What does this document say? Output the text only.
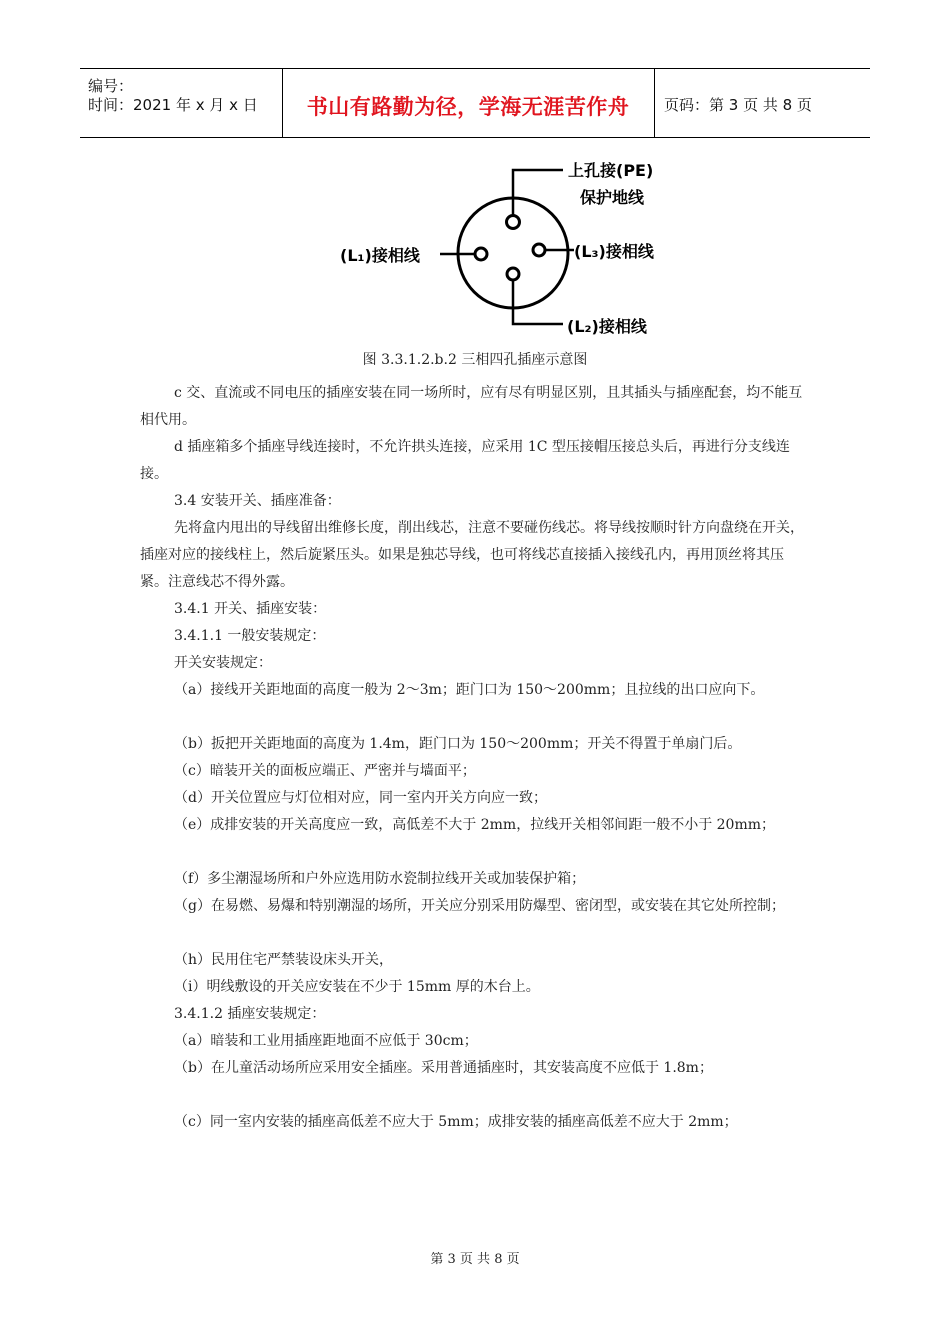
编号：
时间：2021 年 x 月 x 日	书山有路勤为径，学海无涯苦作舟	页码：第 3 页 共 8 页
上孔接(PE)
保护地线
(L₁)接相线	(L₃)接相线
(L₂)接相线
图 3.3.1.2.b.2 三相四孔插座示意图
c 交、直流或不同电压的插座安装在同一场所时，应有尽有明显区别，且其插头与插座配套，均不能互相代用。
d 插座箱多个插座导线连接时，不允许拱头连接，应采用 1C 型压接帽压接总头后，再进行分支线连接。
3.4 安装开关、插座准备：
先将盒内甩出的导线留出维修长度，削出线芯，注意不要碰伤线芯。将导线按顺时针方向盘绕在开关，插座对应的接线柱上，然后旋紧压头。如果是独芯导线，也可将线芯直接插入接线孔内，再用顶丝将其压紧。注意线芯不得外露。
3.4.1 开关、插座安装：
3.4.1.1 一般安装规定：
开关安装规定：
（a）接线开关距地面的高度一般为 2～3m；距门口为 150～200mm；且拉线的出口应向下。
（b）扳把开关距地面的高度为 1.4m，距门口为 150～200mm；开关不得置于单扇门后。
（c）暗装开关的面板应端正、严密并与墙面平；
（d）开关位置应与灯位相对应，同一室内开关方向应一致；
（e）成排安装的开关高度应一致，高低差不大于 2mm，拉线开关相邻间距一般不小于 20mm；
（f）多尘潮湿场所和户外应选用防水瓷制拉线开关或加装保护箱；
（g）在易燃、易爆和特别潮湿的场所，开关应分别采用防爆型、密闭型，或安装在其它处所控制；
（h）民用住宅严禁装设床头开关，
（i）明线敷设的开关应安装在不少于 15mm 厚的木台上。
3.4.1.2 插座安装规定：
（a）暗装和工业用插座距地面不应低于 30cm；
（b）在儿童活动场所应采用安全插座。采用普通插座时，其安装高度不应低于 1.8m；
（c）同一室内安装的插座高低差不应大于 5mm；成排安装的插座高低差不应大于 2mm；
第 3 页 共 8 页
